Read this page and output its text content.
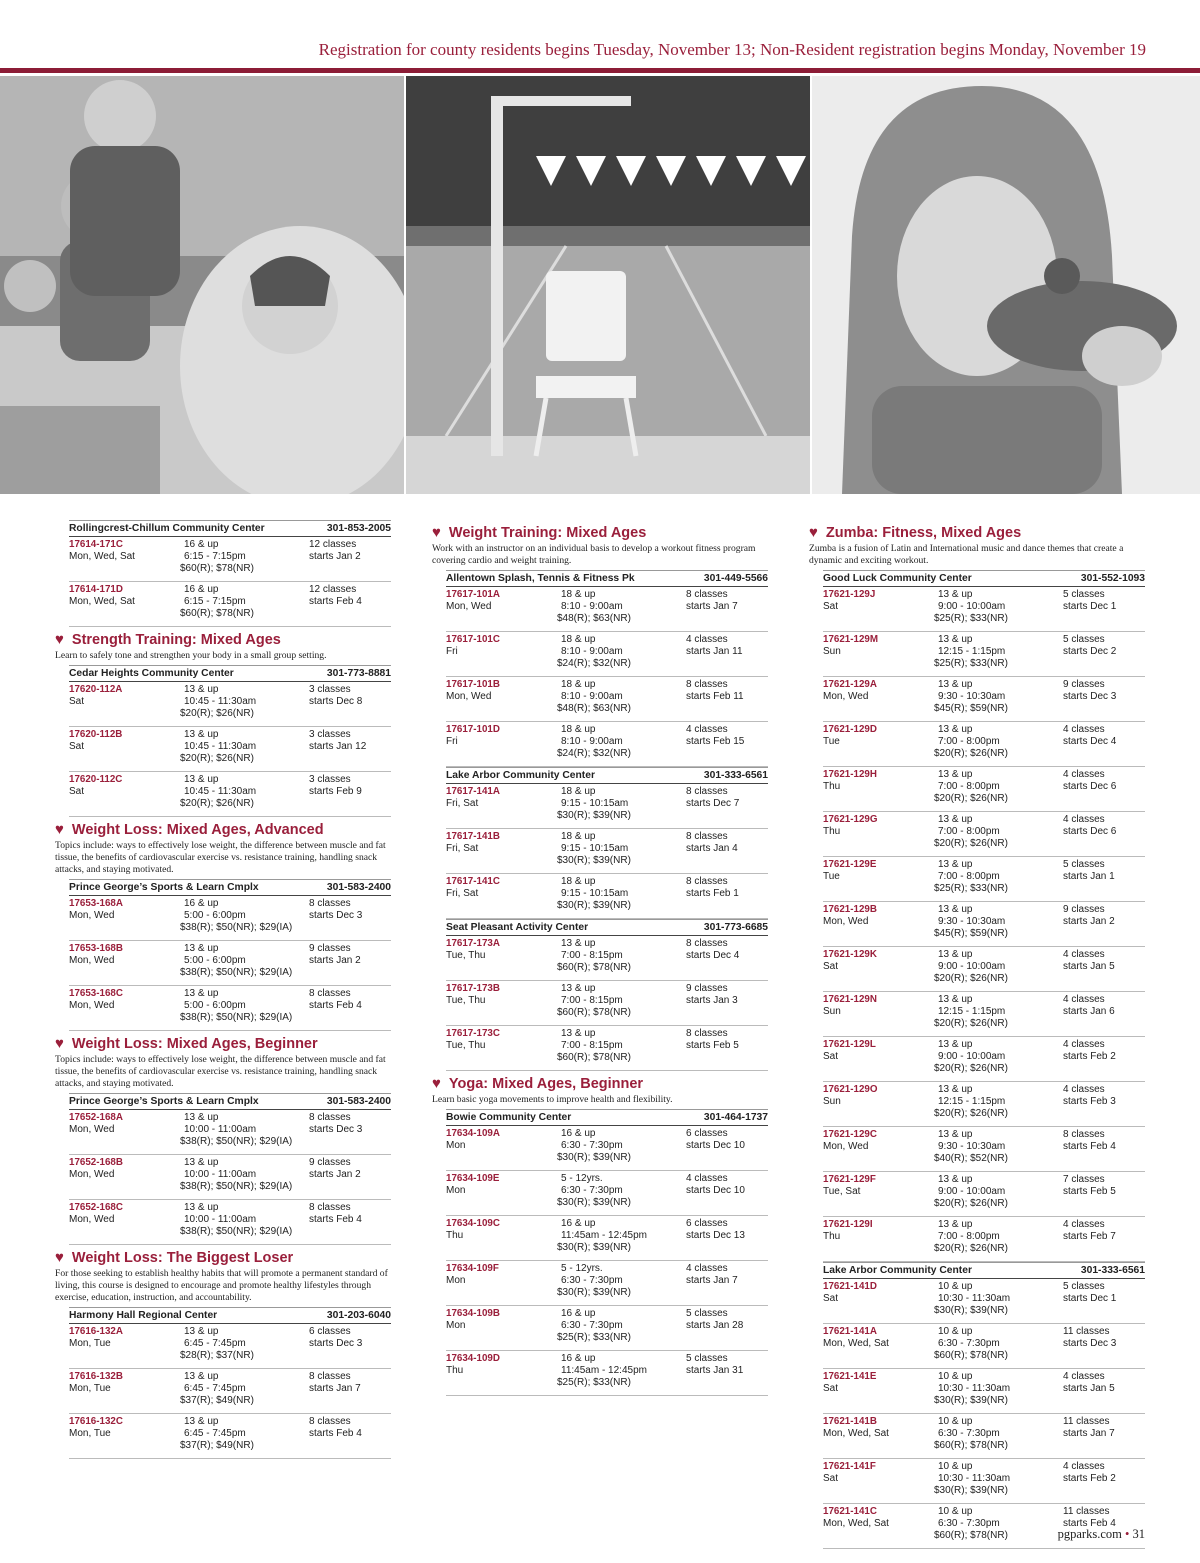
Registration for county residents begins Tuesday, November 13; Non-Resident registration begins Monday, November 19
Rollingcrest-Chillum Community Center	301-853-2005
17614-171C	16 & up	12 classes
Mon, Wed, Sat	6:15 - 7:15pm	starts Jan 2
$60(R); $78(NR)
17614-171D	16 & up	12 classes
Mon, Wed, Sat	6:15 - 7:15pm	starts Feb 4
$60(R); $78(NR)
♥ Strength Training: Mixed Ages
Learn to safely tone and strengthen your body in a small group setting.
Cedar Heights Community Center	301-773-8881
17620-112A	13 & up	3 classes
Sat	10:45 - 11:30am	starts Dec 8
$20(R); $26(NR)
17620-112B	13 & up	3 classes
Sat	10:45 - 11:30am	starts Jan 12
$20(R); $26(NR)
17620-112C	13 & up	3 classes
Sat	10:45 - 11:30am	starts Feb 9
$20(R); $26(NR)
♥ Weight Loss: Mixed Ages, Advanced
Topics include: ways to effectively lose weight, the difference between muscle and fat tissue, the benefits of cardiovascular exercise vs. resistance training, handling snack attacks, and staying motivated.
Prince George’s Sports & Learn Cmplx	301-583-2400
17653-168A	16 & up	8 classes
Mon, Wed	5:00 - 6:00pm	starts Dec 3
$38(R); $50(NR); $29(IA)
17653-168B	13 & up	9 classes
Mon, Wed	5:00 - 6:00pm	starts Jan 2
$38(R); $50(NR); $29(IA)
17653-168C	13 & up	8 classes
Mon, Wed	5:00 - 6:00pm	starts Feb 4
$38(R); $50(NR); $29(IA)
♥ Weight Loss: Mixed Ages, Beginner
Topics include: ways to effectively lose weight, the difference between muscle and fat tissue, the benefits of cardiovascular exercise vs. resistance training, handling snack attacks, and staying motivated.
Prince George’s Sports & Learn Cmplx	301-583-2400
17652-168A	13 & up	8 classes
Mon, Wed	10:00 - 11:00am	starts Dec 3
$38(R); $50(NR); $29(IA)
17652-168B	13 & up	9 classes
Mon, Wed	10:00 - 11:00am	starts Jan 2
$38(R); $50(NR); $29(IA)
17652-168C	13 & up	8 classes
Mon, Wed	10:00 - 11:00am	starts Feb 4
$38(R); $50(NR); $29(IA)
♥ Weight Loss: The Biggest Loser
For those seeking to establish healthy habits that will promote a permanent standard of living, this course is designed to encourage and promote healthy lifestyles through exercise, education, instruction, and accountability.
Harmony Hall Regional Center	301-203-6040
17616-132A	13 & up	6 classes
Mon, Tue	6:45 - 7:45pm	starts Dec 3
$28(R); $37(NR)
17616-132B	13 & up	8 classes
Mon, Tue	6:45 - 7:45pm	starts Jan 7
$37(R); $49(NR)
17616-132C	13 & up	8 classes
Mon, Tue	6:45 - 7:45pm	starts Feb 4
$37(R); $49(NR)
♥ Weight Training: Mixed Ages
Work with an instructor on an individual basis to develop a workout fitness program covering cardio and weight training.
Allentown Splash, Tennis & Fitness Pk	301-449-5566
17617-101A	18 & up	8 classes
Mon, Wed	8:10 - 9:00am	starts Jan 7
$48(R); $63(NR)
17617-101C	18 & up	4 classes
Fri	8:10 - 9:00am	starts Jan 11
$24(R); $32(NR)
17617-101B	18 & up	8 classes
Mon, Wed	8:10 - 9:00am	starts Feb 11
$48(R); $63(NR)
17617-101D	18 & up	4 classes
Fri	8:10 - 9:00am	starts Feb 15
$24(R); $32(NR)
Lake Arbor Community Center	301-333-6561
17617-141A	18 & up	8 classes
Fri, Sat	9:15 - 10:15am	starts Dec 7
$30(R); $39(NR)
17617-141B	18 & up	8 classes
Fri, Sat	9:15 - 10:15am	starts Jan 4
$30(R); $39(NR)
17617-141C	18 & up	8 classes
Fri, Sat	9:15 - 10:15am	starts Feb 1
$30(R); $39(NR)
Seat Pleasant Activity Center	301-773-6685
17617-173A	13 & up	8 classes
Tue, Thu	7:00 - 8:15pm	starts Dec 4
$60(R); $78(NR)
17617-173B	13 & up	9 classes
Tue, Thu	7:00 - 8:15pm	starts Jan 3
$60(R); $78(NR)
17617-173C	13 & up	8 classes
Tue, Thu	7:00 - 8:15pm	starts Feb 5
$60(R); $78(NR)
♥ Yoga: Mixed Ages, Beginner
Learn basic yoga movements to improve health and flexibility.
Bowie Community Center	301-464-1737
17634-109A	16 & up	6 classes
Mon	6:30 - 7:30pm	starts Dec 10
$30(R); $39(NR)
17634-109E	5 - 12yrs.	4 classes
Mon	6:30 - 7:30pm	starts Dec 10
$30(R); $39(NR)
17634-109C	16 & up	6 classes
Thu	11:45am - 12:45pm	starts Dec 13
$30(R); $39(NR)
17634-109F	5 - 12yrs.	4 classes
Mon	6:30 - 7:30pm	starts Jan 7
$30(R); $39(NR)
17634-109B	16 & up	5 classes
Mon	6:30 - 7:30pm	starts Jan 28
$25(R); $33(NR)
17634-109D	16 & up	5 classes
Thu	11:45am - 12:45pm	starts Jan 31
$25(R); $33(NR)
♥ Zumba: Fitness, Mixed Ages
Zumba is a fusion of Latin and International music and dance themes that create a dynamic and exciting workout.
Good Luck Community Center	301-552-1093
17621-129J	13 & up	5 classes
Sat	9:00 - 10:00am	starts Dec 1
$25(R); $33(NR)
17621-129M	13 & up	5 classes
Sun	12:15 - 1:15pm	starts Dec 2
$25(R); $33(NR)
17621-129A	13 & up	9 classes
Mon, Wed	9:30 - 10:30am	starts Dec 3
$45(R); $59(NR)
17621-129D	13 & up	4 classes
Tue	7:00 - 8:00pm	starts Dec 4
$20(R); $26(NR)
17621-129H	13 & up	4 classes
Thu	7:00 - 8:00pm	starts Dec 6
$20(R); $26(NR)
17621-129G	13 & up	4 classes
Thu	7:00 - 8:00pm	starts Dec 6
$20(R); $26(NR)
17621-129E	13 & up	5 classes
Tue	7:00 - 8:00pm	starts Jan 1
$25(R); $33(NR)
17621-129B	13 & up	9 classes
Mon, Wed	9:30 - 10:30am	starts Jan 2
$45(R); $59(NR)
17621-129K	13 & up	4 classes
Sat	9:00 - 10:00am	starts Jan 5
$20(R); $26(NR)
17621-129N	13 & up	4 classes
Sun	12:15 - 1:15pm	starts Jan 6
$20(R); $26(NR)
17621-129L	13 & up	4 classes
Sat	9:00 - 10:00am	starts Feb 2
$20(R); $26(NR)
17621-129O	13 & up	4 classes
Sun	12:15 - 1:15pm	starts Feb 3
$20(R); $26(NR)
17621-129C	13 & up	8 classes
Mon, Wed	9:30 - 10:30am	starts Feb 4
$40(R); $52(NR)
17621-129F	13 & up	7 classes
Tue, Sat	9:00 - 10:00am	starts Feb 5
$20(R); $26(NR)
17621-129I	13 & up	4 classes
Thu	7:00 - 8:00pm	starts Feb 7
$20(R); $26(NR)
Lake Arbor Community Center	301-333-6561
17621-141D	10 & up	5 classes
Sat	10:30 - 11:30am	starts Dec 1
$30(R); $39(NR)
17621-141A	10 & up	11 classes
Mon, Wed, Sat	6:30 - 7:30pm	starts Dec 3
$60(R); $78(NR)
17621-141E	10 & up	4 classes
Sat	10:30 - 11:30am	starts Jan 5
$30(R); $39(NR)
17621-141B	10 & up	11 classes
Mon, Wed, Sat	6:30 - 7:30pm	starts Jan 7
$60(R); $78(NR)
17621-141F	10 & up	4 classes
Sat	10:30 - 11:30am	starts Feb 2
$30(R); $39(NR)
17621-141C	10 & up	11 classes
Mon, Wed, Sat	6:30 - 7:30pm	starts Feb 4
$60(R); $78(NR)	pgparks.com • 31
